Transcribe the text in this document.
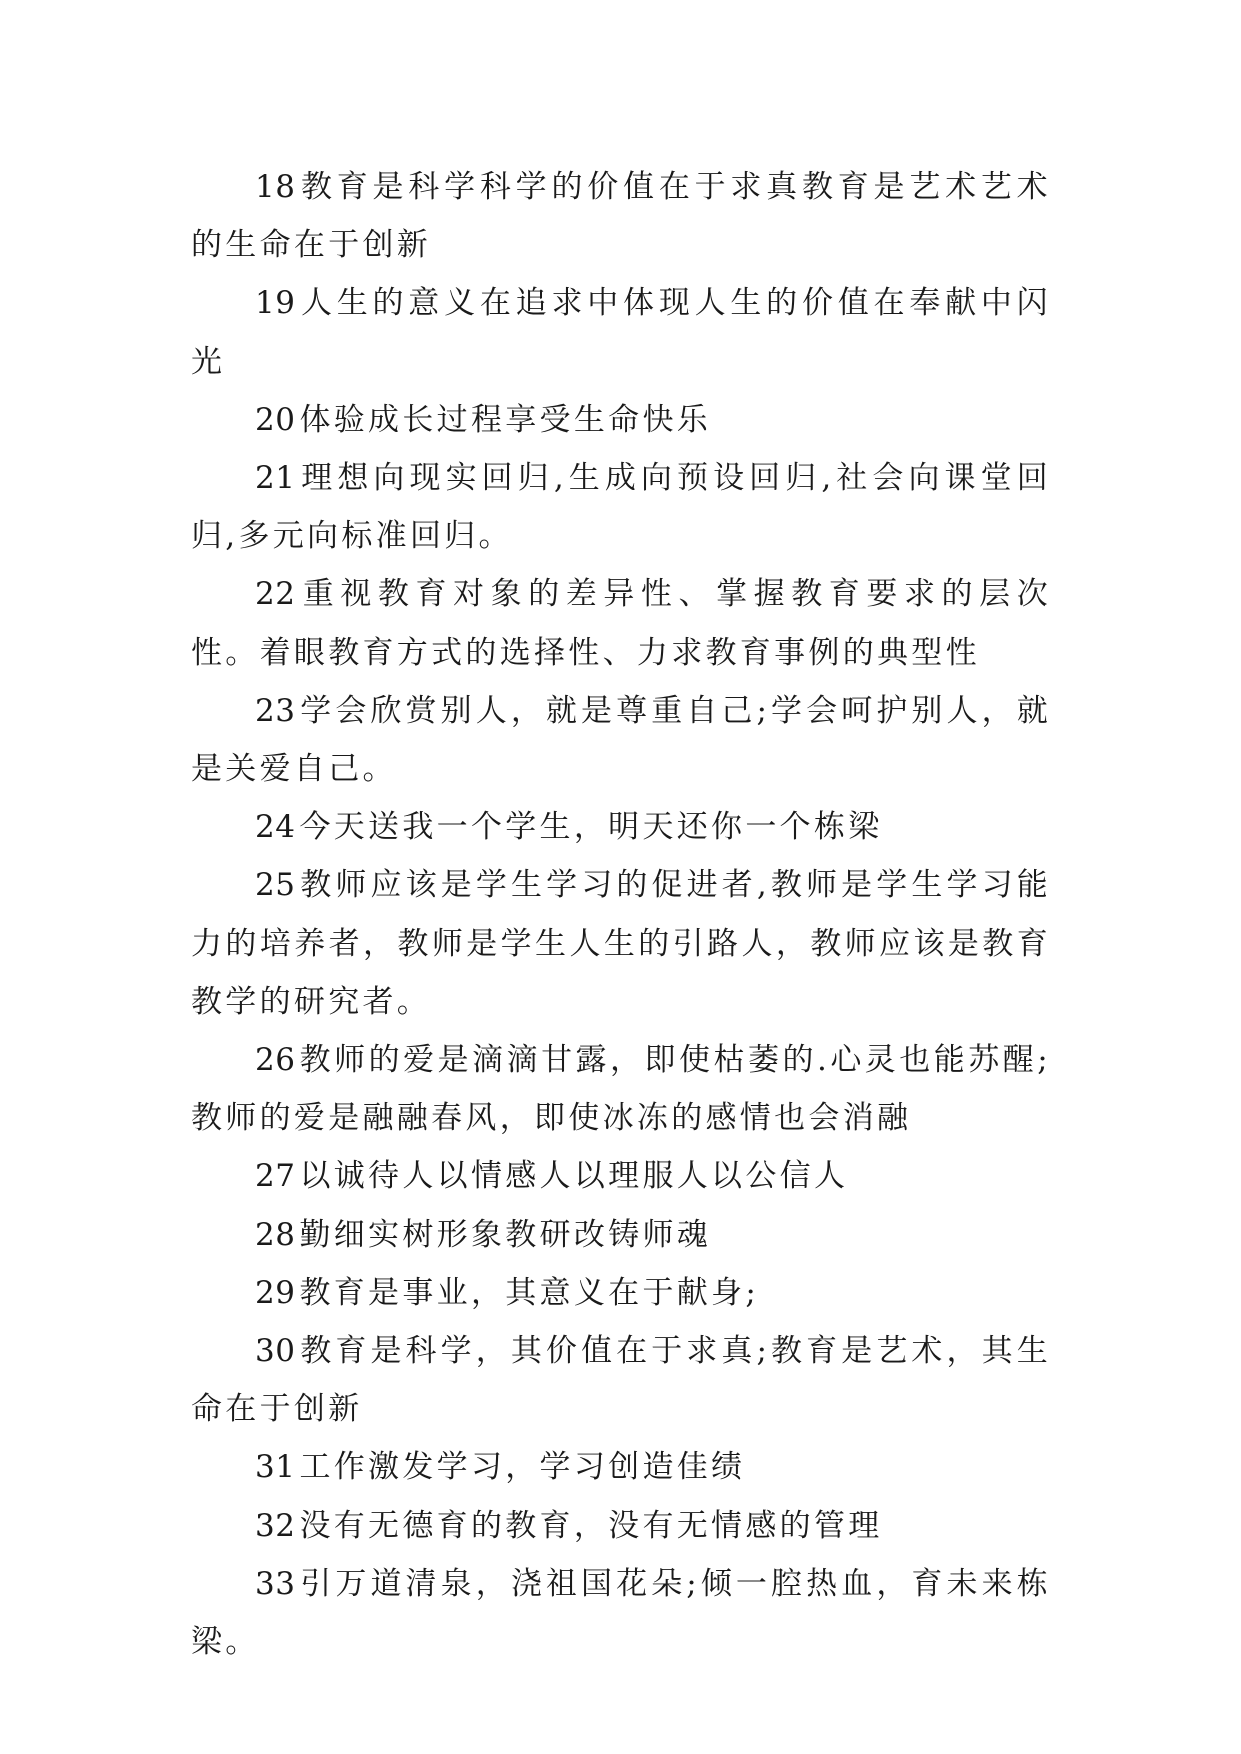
18 教育是科学科学的价值在于求真教育是艺术艺术的生命在于创新

19 人生的意义在追求中体现人生的价值在奉献中闪光

20 体验成长过程享受生命快乐

21 理想向现实回归,生成向预设回归,社会向课堂回归,多元向标准回归。

22 重视教育对象的差异性、掌握教育要求的层次性。着眼教育方式的选择性、力求教育事例的典型性

23 学会欣赏别人，就是尊重自己;学会呵护别人，就是关爱自己。

24 今天送我一个学生，明天还你一个栋梁

25 教师应该是学生学习的促进者,教师是学生学习能力的培养者，教师是学生人生的引路人，教师应该是教育教学的研究者。

26 教师的爱是滴滴甘露，即使枯萎的.心灵也能苏醒;教师的爱是融融春风，即使冰冻的感情也会消融

27 以诚待人以情感人以理服人以公信人

28 勤细实树形象教研改铸师魂

29 教育是事业，其意义在于献身;

30 教育是科学，其价值在于求真;教育是艺术，其生命在于创新

31 工作激发学习，学习创造佳绩

32 没有无德育的教育，没有无情感的管理

33 引万道清泉，浇祖国花朵;倾一腔热血，育未来栋梁。
